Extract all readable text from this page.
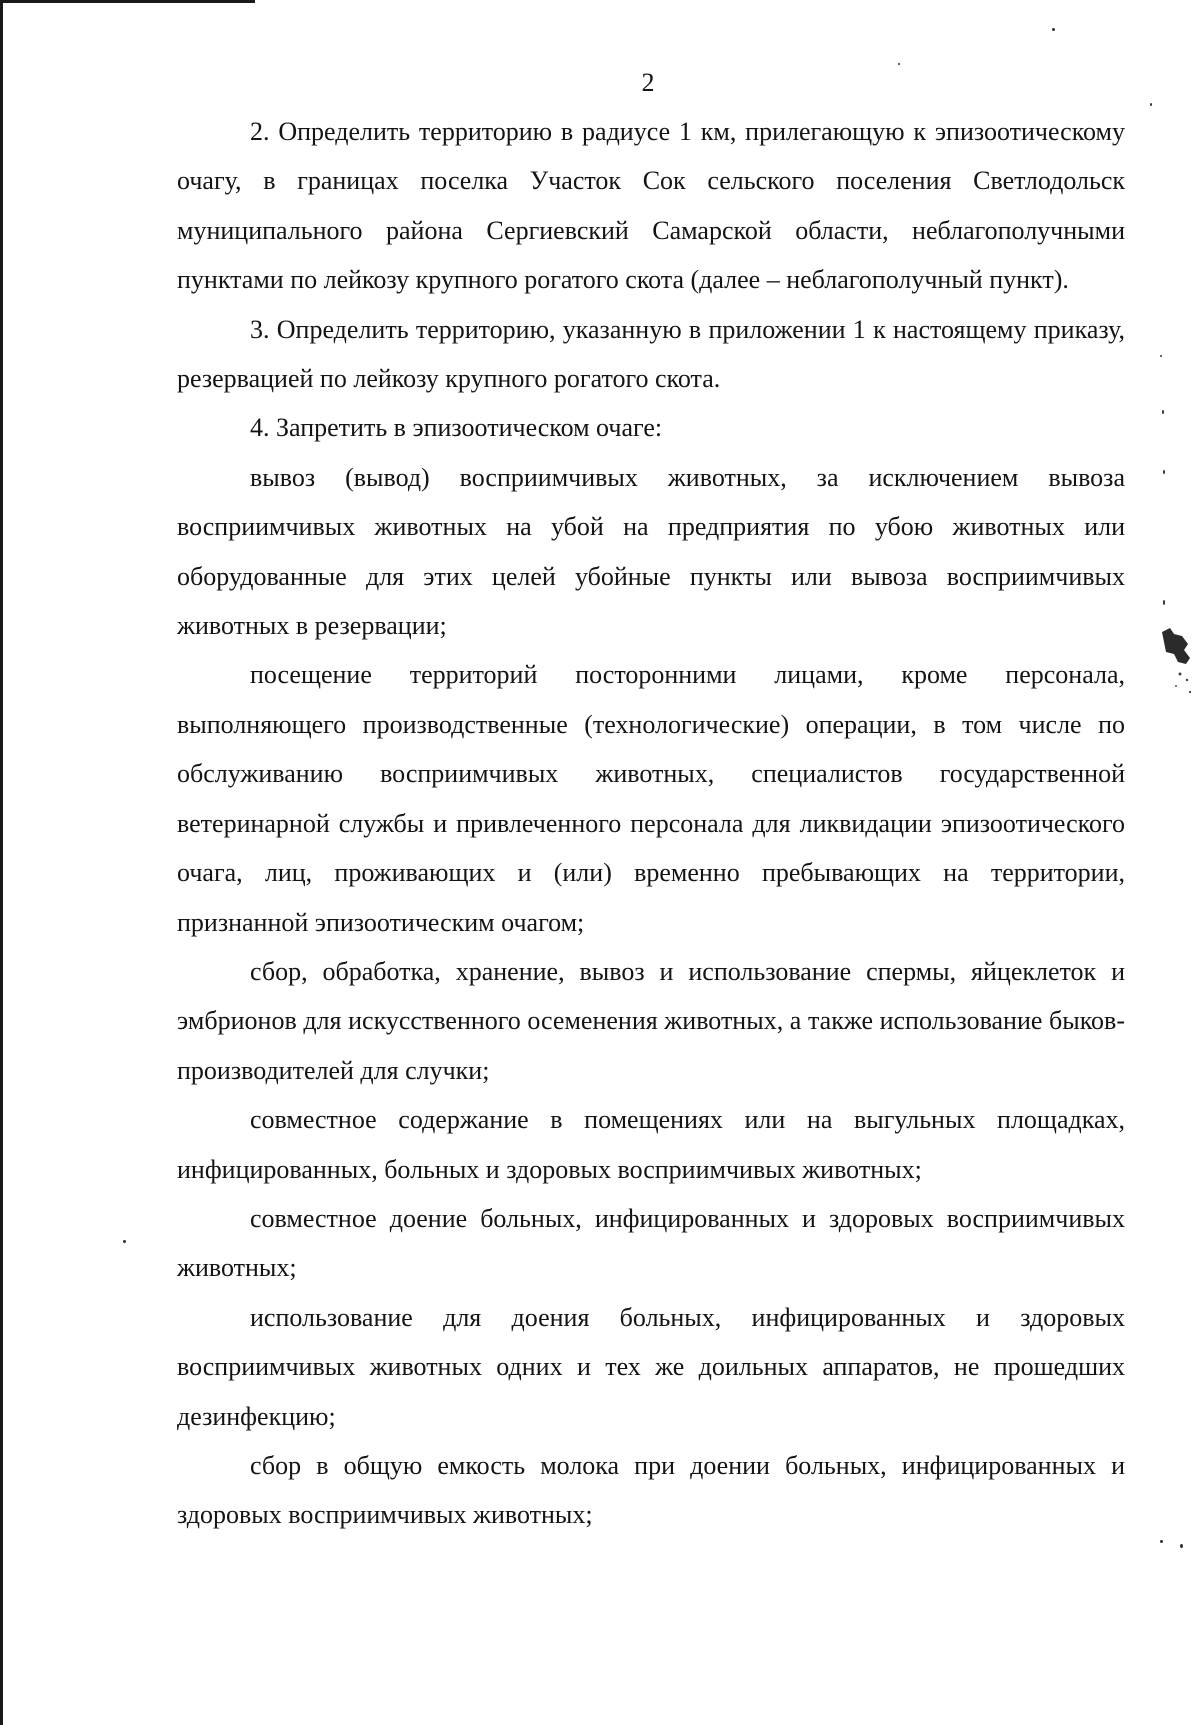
2

2. Определить территорию в радиусе 1 км, прилегающую к эпизоотическому очагу, в границах поселка Участок Сок сельского поселения Светлодольск муниципального района Сергиевский Самарской области, неблагополучными пунктами по лейкозу крупного рогатого скота (далее – неблагополучный пункт).

3. Определить территорию, указанную в приложении 1 к настоящему приказу, резервацией по лейкозу крупного рогатого скота.

4. Запретить в эпизоотическом очаге:

вывоз (вывод) восприимчивых животных, за исключением вывоза восприимчивых животных на убой на предприятия по убою животных или оборудованные для этих целей убойные пункты или вывоза восприимчивых животных в резервации;

посещение территорий посторонними лицами, кроме персонала, выполняющего производственные (технологические) операции, в том числе по обслуживанию восприимчивых животных, специалистов государственной ветеринарной службы и привлеченного персонала для ликвидации эпизоотического очага, лиц, проживающих и (или) временно пребывающих на территории, признанной эпизоотическим очагом;

сбор, обработка, хранение, вывоз и использование спермы, яйцеклеток и эмбрионов для искусственного осеменения животных, а также использование быков-производителей для случки;

совместное содержание в помещениях или на выгульных площадках, инфицированных, больных и здоровых восприимчивых животных;

совместное доение больных, инфицированных и здоровых восприимчивых животных;

использование для доения больных, инфицированных и здоровых восприимчивых животных одних и тех же доильных аппаратов, не прошедших дезинфекцию;

сбор в общую емкость молока при доении больных, инфицированных и здоровых восприимчивых животных;
